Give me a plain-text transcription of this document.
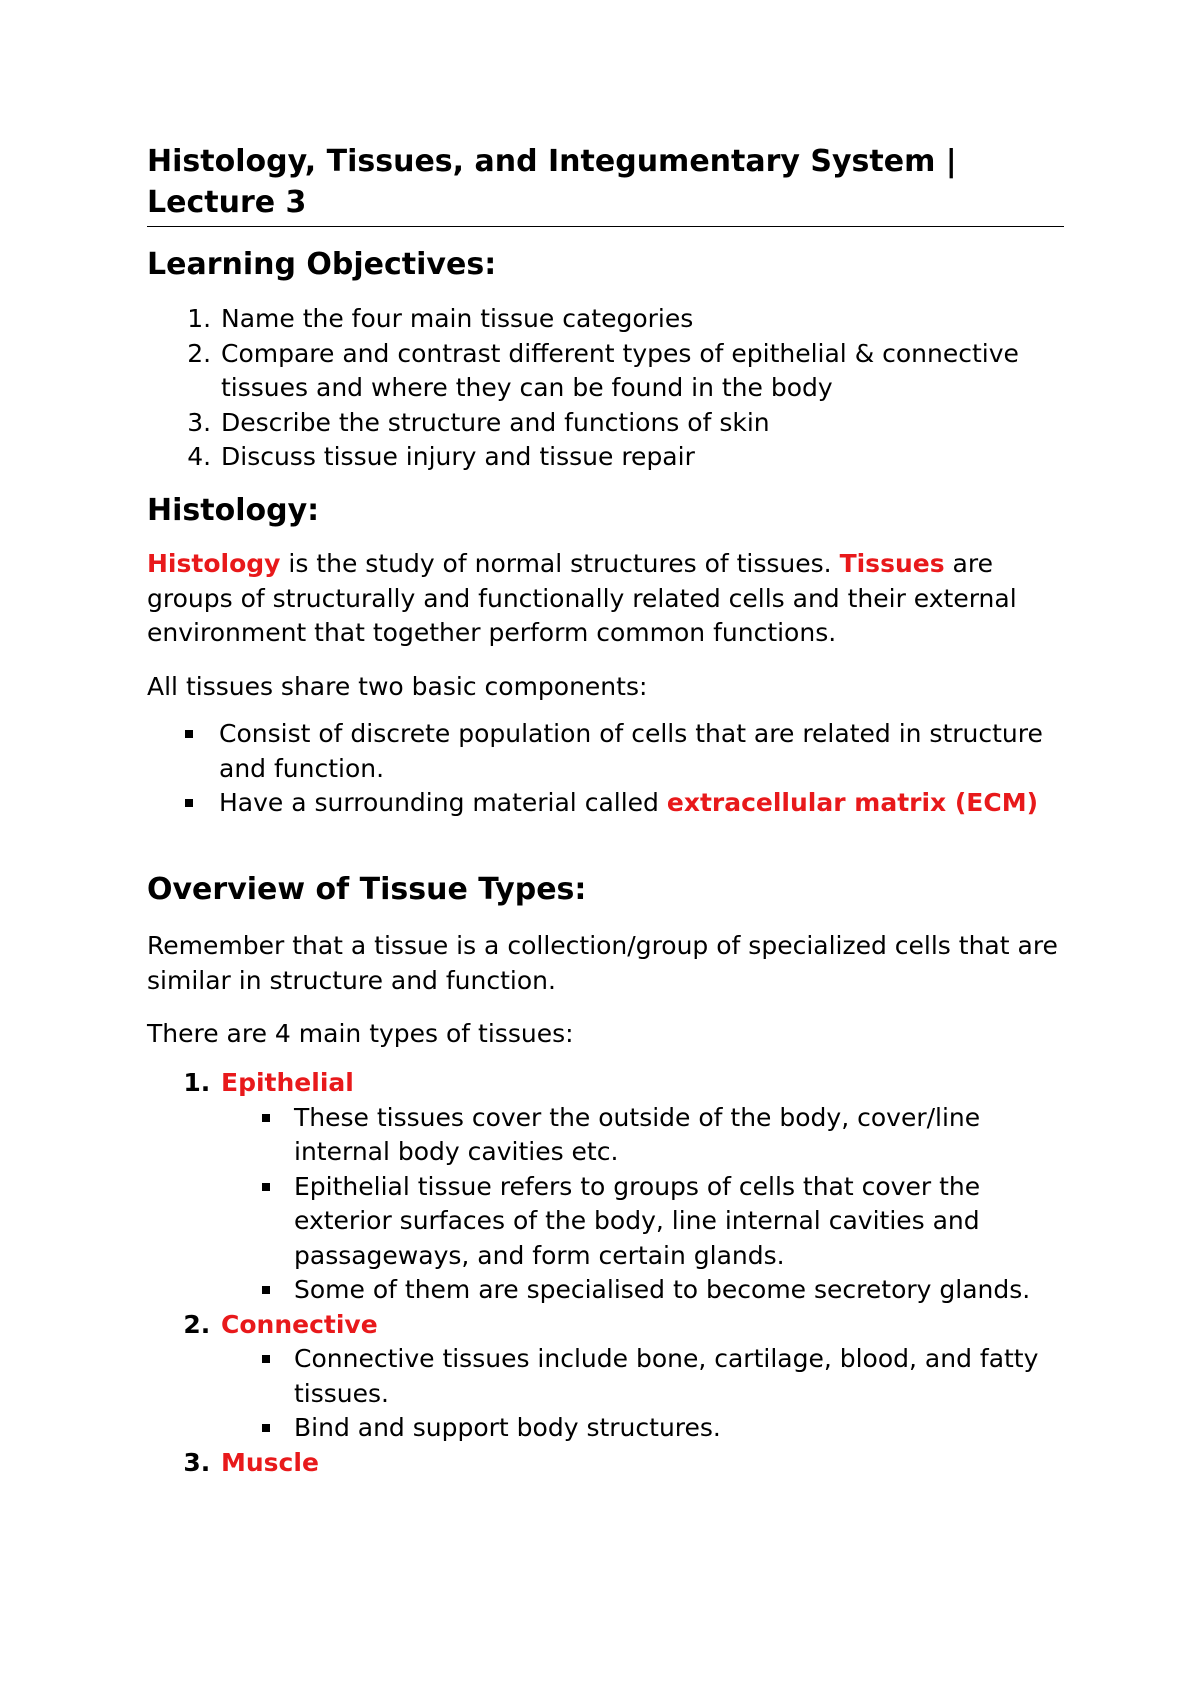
Histology, Tissues, and Integumentary System | Lecture 3
Learning Objectives:
1. Name the four main tissue categories
2. Compare and contrast different types of epithelial & connective tissues and where they can be found in the body
3. Describe the structure and functions of skin
4. Discuss tissue injury and tissue repair
Histology:

Histology is the study of normal structures of tissues. Tissues are groups of structurally and functionally related cells and their external environment that together perform common functions.

All tissues share two basic components:

Consist of discrete population of cells that are related in structure and function.
Have a surrounding material called extracellular matrix (ECM)
Overview of Tissue Types:

Remember that a tissue is a collection/group of specialized cells that are similar in structure and function.

There are 4 main types of tissues:

1. Epithelial
These tissues cover the outside of the body, cover/line internal body cavities etc.
Epithelial tissue refers to groups of cells that cover the exterior surfaces of the body, line internal cavities and passageways, and form certain glands.
Some of them are specialised to become secretory glands.
2. Connective
Connective tissues include bone, cartilage, blood, and fatty tissues.
Bind and support body structures.
3. Muscle
